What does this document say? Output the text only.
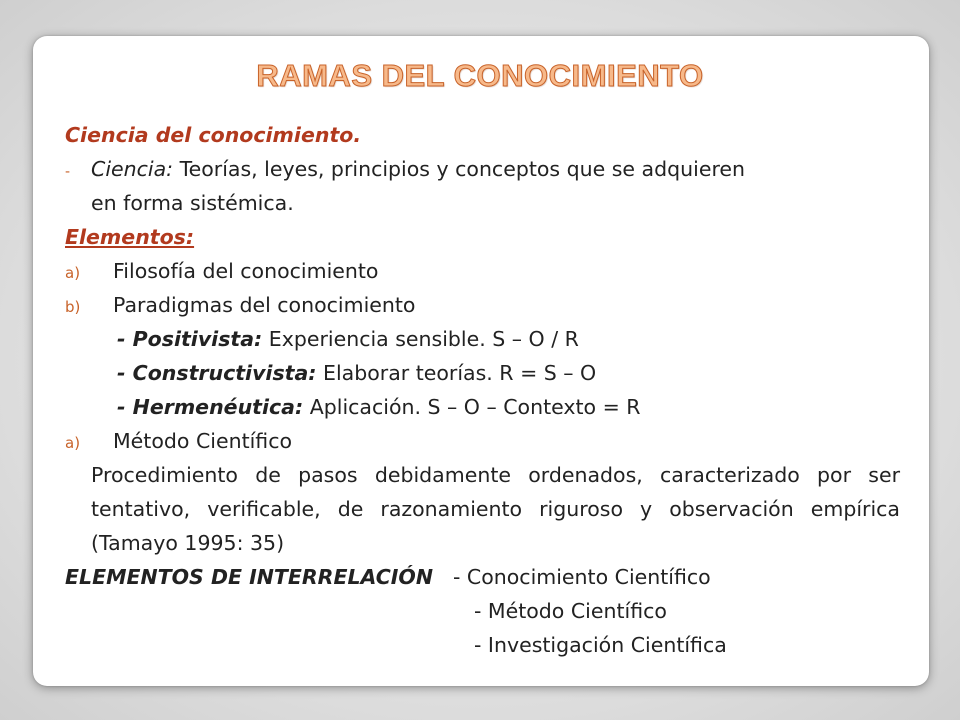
RAMAS DEL CONOCIMIENTO
Ciencia del conocimiento.
- Ciencia: Teorías, leyes, principios y conceptos que se adquieren
en forma sistémica.
Elementos:
a) Filosofía del conocimiento
b) Paradigmas del conocimiento
- Positivista: Experiencia sensible. S – O / R
- Constructivista: Elaborar teorías. R = S – O
- Hermenéutica: Aplicación. S – O – Contexto = R
a) Método Científico
Procedimiento de pasos debidamente ordenados, caracterizado por ser tentativo, verificable, de razonamiento riguroso y observación empírica (Tamayo 1995: 35)
ELEMENTOS DE INTERRELACIÓN - Conocimiento Científico
- Método Científico
- Investigación Científica
